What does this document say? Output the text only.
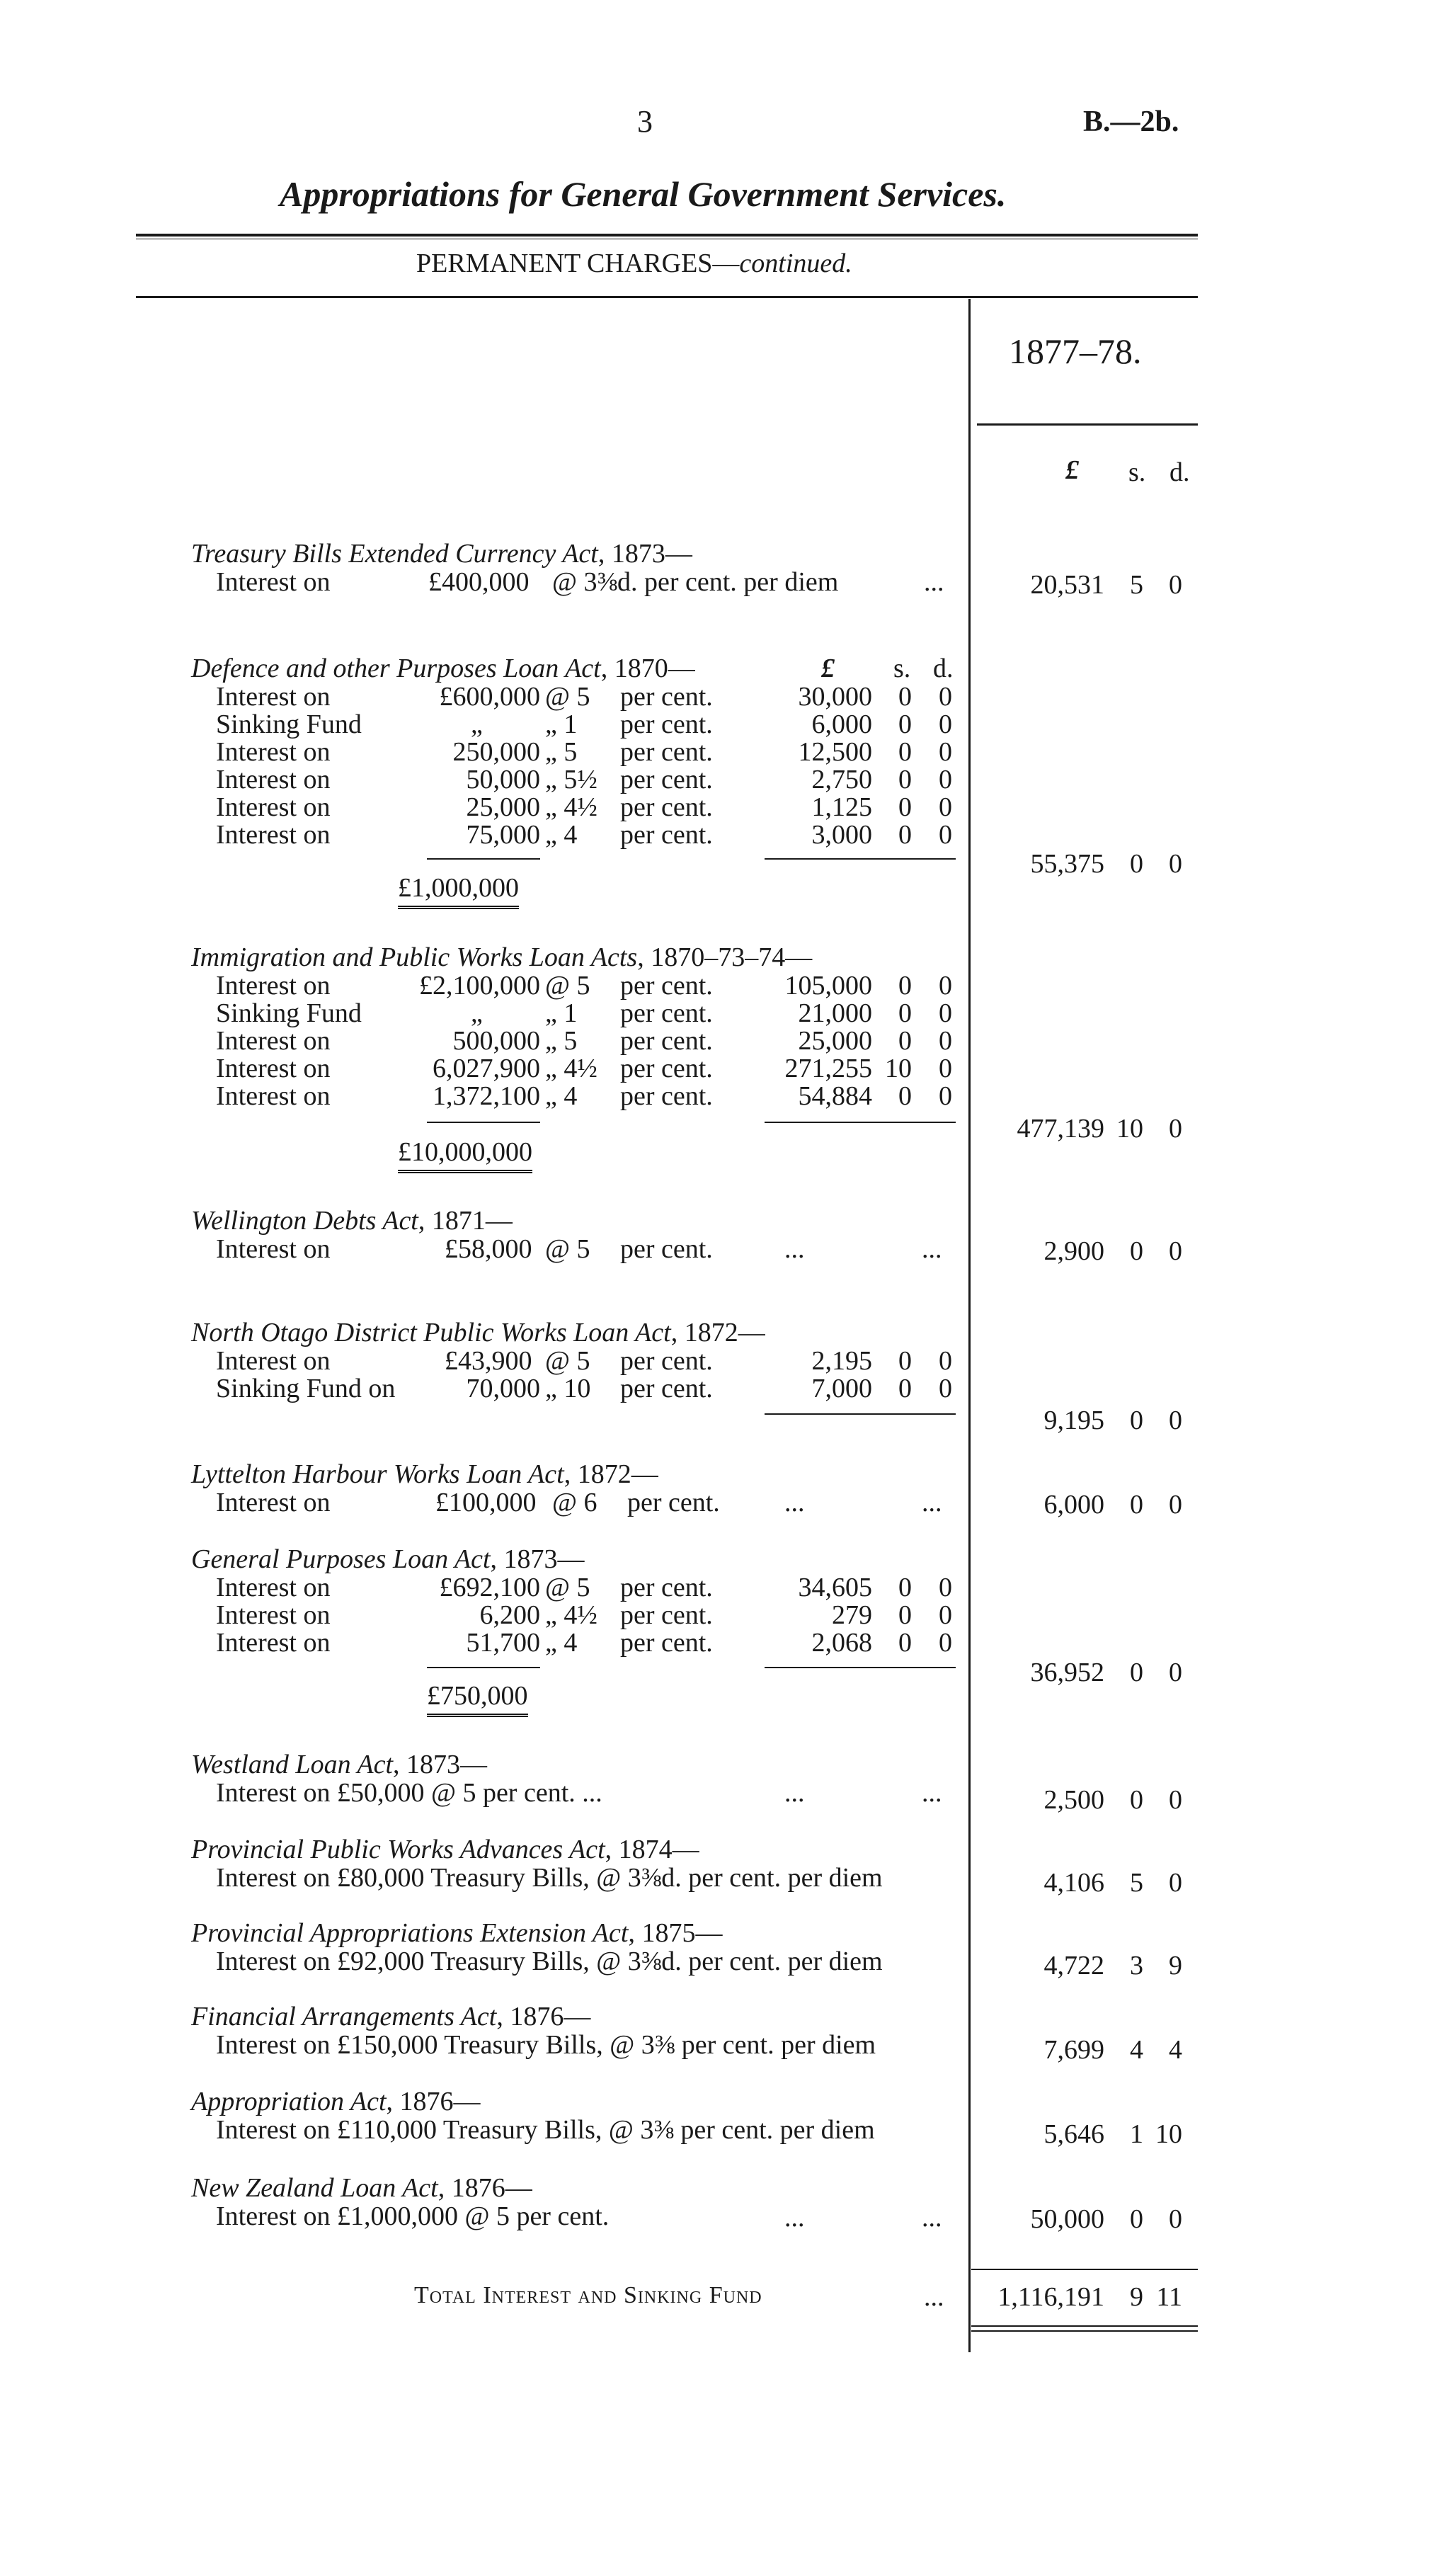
3	B.—2b.
Appropriations for General Government Services.
PERMANENT CHARGES—continued.
1877–78.
£ s. d.
Treasury Bills Extended Currency Act, 1873—
Interest on	£400,000 @ 3⅜d. per cent. per diem	...	20,531 5 0
Defence and other Purposes Loan Act, 1870—	£ s. d.
Interest on	£600,000 @ 5 per cent.	30,000 0	0
Sinking Fund	„ „ 1 per cent.	6,000 0	0
Interest on	250,000 „ 5 per cent.	12,500 0	0
Interest on	50,000 „ 5½ per cent.	2,750 0	0
Interest on	25,000 „ 4½ per cent.	1,125 0	0
Interest on	75,000 „ 4 per cent.	3,000 0	0
£1,000,000
55,375 0 0
Immigration and Public Works Loan Acts, 1870–73–74—
Interest on	£2,100,000 @ 5 per cent.	105,000 0	0
Sinking Fund	„ „ 1 per cent.	21,000 0	0
Interest on	500,000 „ 5 per cent.	25,000 0	0
Interest on	6,027,900 „ 4½ per cent.	271,255 10	0
Interest on	1,372,100 „ 4 per cent.	54,884 0	0
£10,000,000
477,139 10 0
Wellington Debts Act, 1871—
Interest on	£58,000 @ 5 per cent.	...	...	2,900 0 0
North Otago District Public Works Loan Act, 1872—
Interest on	£43,900 @ 5 per cent.	2,195 0	0
Sinking Fund on	70,000 „ 10 per cent.	7,000 0	0
9,195 0 0
Lyttelton Harbour Works Loan Act, 1872—
Interest on	£100,000 @ 6 per cent. ...	...	6,000 0 0
General Purposes Loan Act, 1873—
Interest on	£692,100 @ 5 per cent.	34,605 0	0
Interest on	6,200 „ 4½ per cent.	279 0	0
Interest on	51,700 „ 4 per cent.	2,068 0	0
£750,000
36,952 0 0
Westland Loan Act, 1873—
Interest on £50,000 @ 5 per cent. ...	...	...	2,500 0 0
Provincial Public Works Advances Act, 1874—
Interest on £80,000 Treasury Bills, @ 3⅜d. per cent. per diem	4,106 5 0
Provincial Appropriations Extension Act, 1875—
Interest on £92,000 Treasury Bills, @ 3⅜d. per cent. per diem	4,722 3 9
Financial Arrangements Act, 1876—
Interest on £150,000 Treasury Bills, @ 3⅜ per cent. per diem	7,699 4 4
Appropriation Act, 1876—
Interest on £110,000 Treasury Bills, @ 3⅜ per cent. per diem	5,646 1 10
New Zealand Loan Act, 1876—
Interest on £1,000,000 @ 5 per cent.	...	...	50,000 0 0
Total Interest and Sinking Fund	...	1,116,191 9 11
